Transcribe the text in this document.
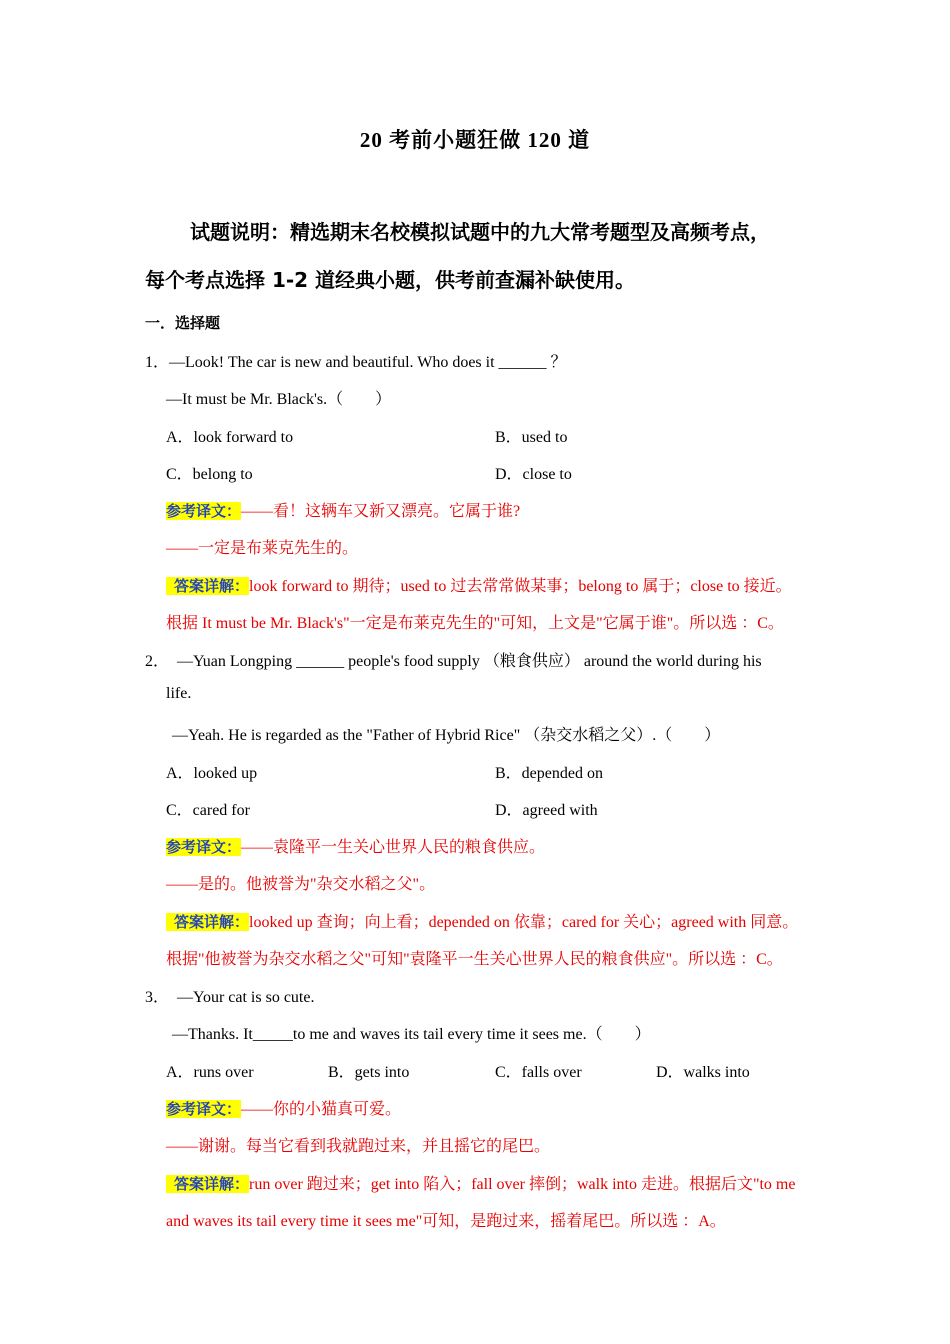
20 考前小题狂做 120 道
试题说明：精选期末名校模拟试题中的九大常考题型及高频考点，
每个考点选择 1-2 道经典小题，供考前查漏补缺使用。
一．选择题
1．—Look! The car is new and beautiful. Who does it ______ ？
—It must be Mr. Black's.（　　）
A．look forward to	B．used to
C．belong to	D．close to
参考译文：——看！这辆车又新又漂亮。它属于谁?
——一定是布莱克先生的。
答案详解：look forward to 期待；used to 过去常常做某事；belong to 属于；close to 接近。
根据 It must be Mr. Black's"一定是布莱克先生的"可知，上文是"它属于谁"。所以选 ：C。
2．　—Yuan Longping ______ people's food supply （粮食供应） around the world during his
life.
—Yeah. He is regarded as the "Father of Hybrid Rice" （杂交水稻之父）.（　　）
A．looked up	B．depended on
C．cared for	D．agreed with
参考译文：——袁隆平一生关心世界人民的粮食供应。
——是的。他被誉为"杂交水稻之父"。
答案详解：looked up 查询；向上看；depended on 依靠；cared for 关心；agreed with 同意。
根据"他被誉为杂交水稻之父"可知"袁隆平一生关心世界人民的粮食供应"。所以选 ：C。
3．　—Your cat is so cute.
—Thanks. It_____to me and waves its tail every time it sees me.（　　）
A．runs over	B．gets into	C．falls over	D．walks into
参考译文：——你的小猫真可爱。
——谢谢。每当它看到我就跑过来，并且摇它的尾巴。
答案详解：run over 跑过来；get into 陷入；fall over 摔倒；walk into 走进。根据后文"to me
and waves its tail every time it sees me"可知，是跑过来，摇着尾巴。所以选 ：A。
